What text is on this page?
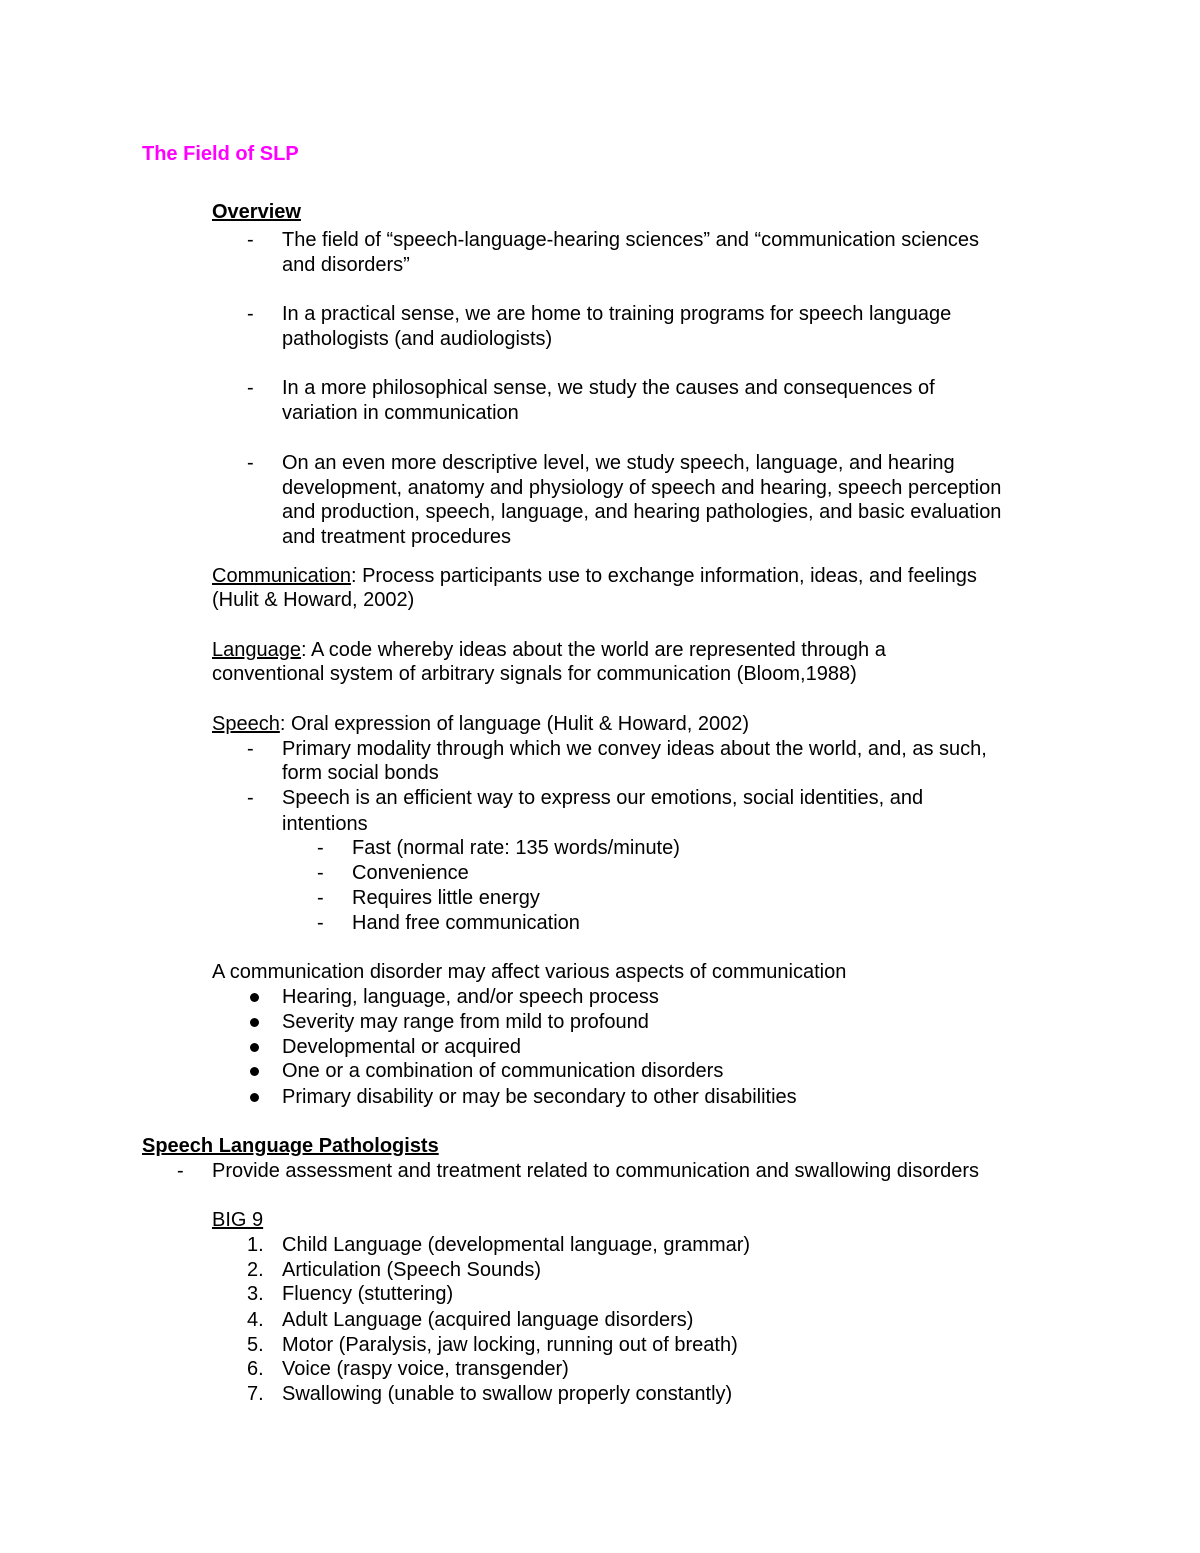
The Field of SLP
Overview
- The field of “speech-language-hearing sciences” and “communication sciences
and disorders”
- In a practical sense, we are home to training programs for speech language
pathologists (and audiologists)
- In a more philosophical sense, we study the causes and consequences of
variation in communication
- On an even more descriptive level, we study speech, language, and hearing
development, anatomy and physiology of speech and hearing, speech perception
and production, speech, language, and hearing pathologies, and basic evaluation
and treatment procedures
Communication: Process participants use to exchange information, ideas, and feelings
(Hulit & Howard, 2002)
Language: A code whereby ideas about the world are represented through a
conventional system of arbitrary signals for communication (Bloom,1988)
Speech: Oral expression of language (Hulit & Howard, 2002)
- Primary modality through which we convey ideas about the world, and, as such,
form social bonds
- Speech is an efficient way to express our emotions, social identities, and
intentions
- Fast (normal rate: 135 words/minute)
- Convenience
- Requires little energy
- Hand free communication
A communication disorder may affect various aspects of communication
Hearing, language, and/or speech process
Severity may range from mild to profound
Developmental or acquired
One or a combination of communication disorders
Primary disability or may be secondary to other disabilities
Speech Language Pathologists
- Provide assessment and treatment related to communication and swallowing disorders
BIG 9
1. Child Language (developmental language, grammar)
2. Articulation (Speech Sounds)
3. Fluency (stuttering)
4. Adult Language (acquired language disorders)
5. Motor (Paralysis, jaw locking, running out of breath)
6. Voice (raspy voice, transgender)
7. Swallowing (unable to swallow properly constantly)
